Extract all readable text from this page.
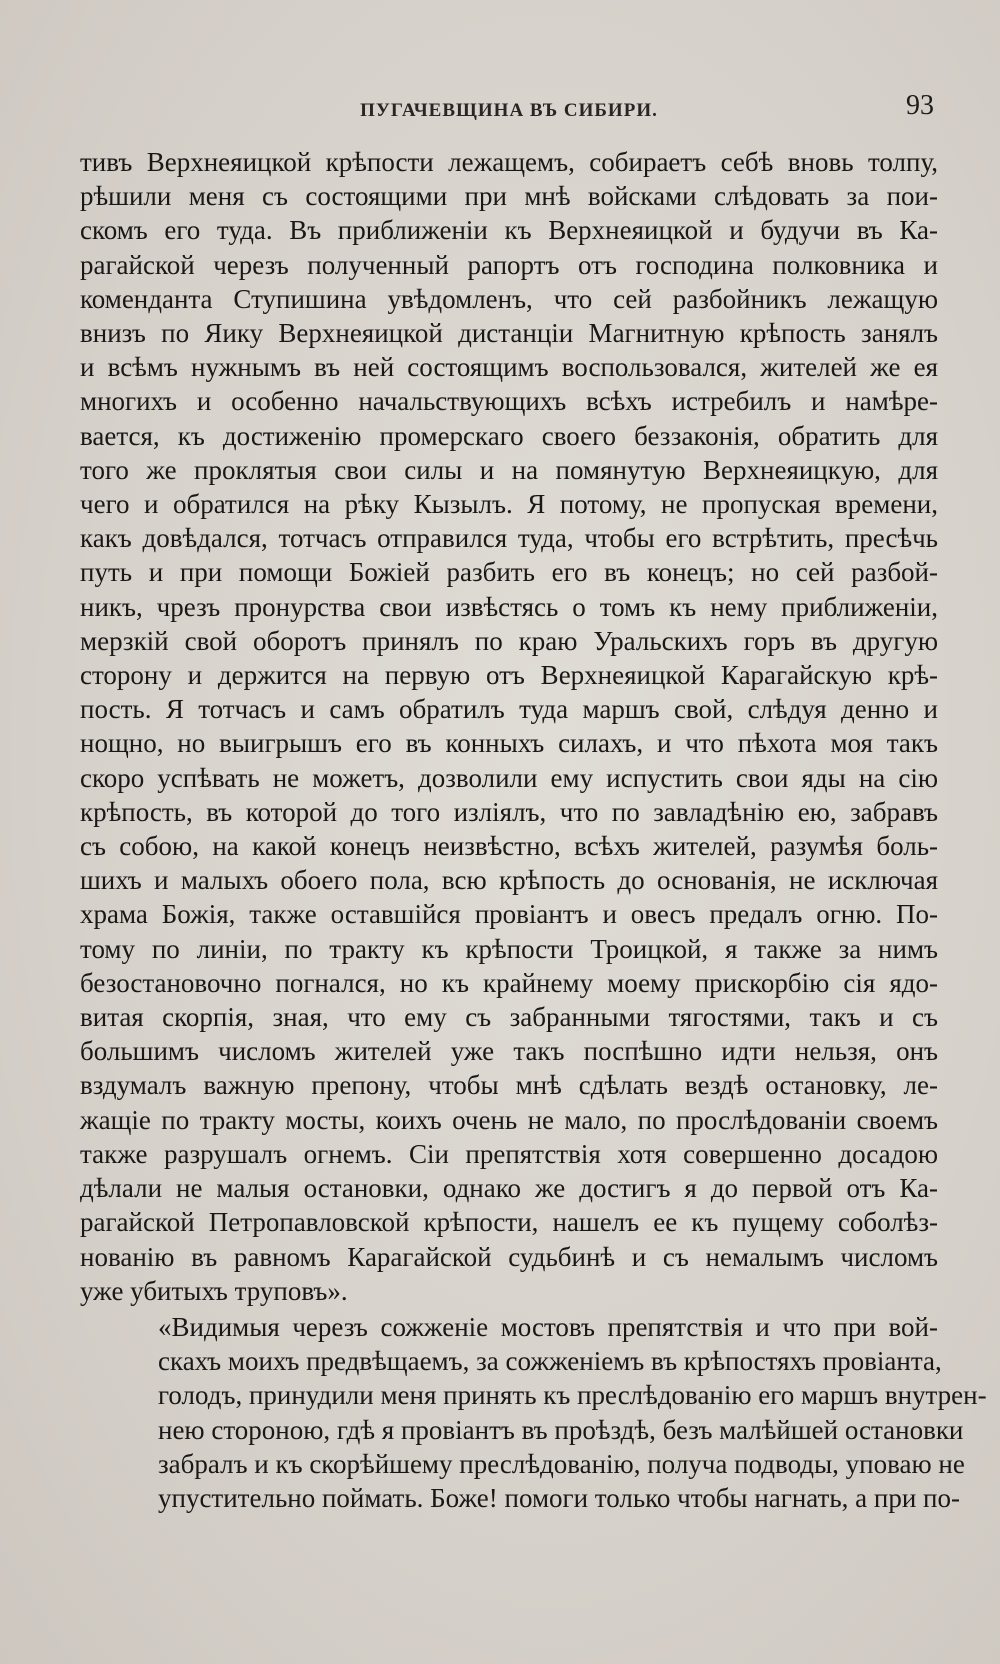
ПУГАЧЕВЩИНА ВЪ СИБИРИ.	93
тивъ Верхнеяицкой крѣпости лежащемъ, собираетъ себѣ вновь толпу,
рѣшили меня съ состоящими при мнѣ войсками слѣдовать за пои-
скомъ его туда. Въ приближеніи къ Верхнеяицкой и будучи въ Ка-
рагайской черезъ полученный рапортъ отъ господина полковника и
коменданта Ступишина увѣдомленъ, что сей разбойникъ лежащую
внизъ по Яику Верхнеяицкой дистанціи Магнитную крѣпость занялъ
и всѣмъ нужнымъ въ ней состоящимъ воспользовался, жителей же ея
многихъ и особенно начальствующихъ всѣхъ истребилъ и намѣре-
вается, къ достиженію промерскаго своего беззаконія, обратить для
того же проклятыя свои силы и на помянутую Верхнеяицкую, для
чего и обратился на рѣку Кызылъ. Я потому, не пропуская времени,
какъ довѣдался, тотчасъ отправился туда, чтобы его встрѣтить, пресѣчь
путь и при помощи Божіей разбить его въ конецъ; но сей разбой-
никъ, чрезъ пронурства свои извѣстясь о томъ къ нему приближеніи,
мерзкій свой оборотъ принялъ по краю Уральскихъ горъ въ другую
сторону и держится на первую отъ Верхнеяицкой Карагайскую крѣ-
пость. Я тотчасъ и самъ обратилъ туда маршъ свой, слѣдуя денно и
нощно, но выигрышъ его въ конныхъ силахъ, и что пѣхота моя такъ
скоро успѣвать не можетъ, дозволили ему испустить свои яды на сію
крѣпость, въ которой до того изліялъ, что по завладѣнію ею, забравъ
съ собою, на какой конецъ неизвѣстно, всѣхъ жителей, разумѣя боль-
шихъ и малыхъ обоего пола, всю крѣпость до основанія, не исключая
храма Божія, также оставшійся провіантъ и овесъ предалъ огню. По-
тому по линіи, по тракту къ крѣпости Троицкой, я также за нимъ
безостановочно погнался, но къ крайнему моему прискорбію сія ядо-
витая скорпія, зная, что ему съ забранными тягостями, такъ и съ
большимъ числомъ жителей уже такъ поспѣшно идти нельзя, онъ
вздумалъ важную препону, чтобы мнѣ сдѣлать вездѣ остановку, ле-
жащіе по тракту мосты, коихъ очень не мало, по прослѣдованіи своемъ
также разрушалъ огнемъ. Сіи препятствія хотя совершенно досадою
дѣлали не малыя остановки, однако же достигъ я до первой отъ Ка-
рагайской Петропавловской крѣпости, нашелъ ее къ пущему соболѣз-
нованію въ равномъ Карагайской судьбинѣ и съ немалымъ числомъ
уже убитыхъ труповъ».
«Видимыя черезъ сожженіе мостовъ препятствія и что при вой-
скахъ моихъ предвѣщаемъ, за сожженіемъ въ крѣпостяхъ провіанта,
голодъ, принудили меня принять къ преслѣдованію его маршъ внутрен-
нею стороною, гдѣ я провіантъ въ проѣздѣ, безъ малѣйшей остановки
забралъ и къ скорѣйшему преслѣдованію, получа подводы, уповаю не
упустительно поймать. Боже! помоги только чтобы нагнать, а при по-
